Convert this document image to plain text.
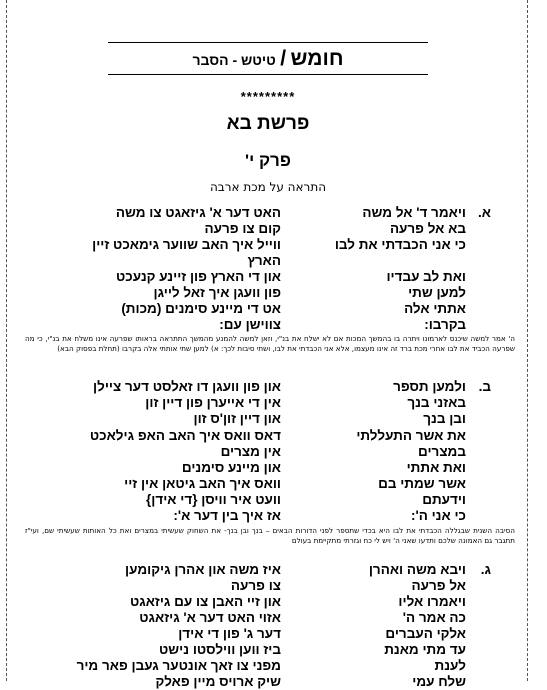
חומש / טיטש - הסבר
*********
פרשת בא
פרק י'
התראה על מכת ארבה
א.
ויאמר ד' אל משה
האט דער א' גיזאגט צו משה
בא אל פרעה
קום צו פרעה
כי אני הכבדתי את לבו
ווייל איך האב שווער גימאכט זיין
הארץ
ואת לב עבדיו
און די הארץ פון זיינע קנעכט
למען שתי
פון וועגן איך זאל לייגן
אתתי אלה
אט די מיינע סימנים (מכות)
בקרבו:
צווישן עם:
ב.
ולמען תספר
און פון וועגן דו זאלסט דער ציילן
באזני בנך
אין די אייערן פון דיין זון
ובן בנך
און דיין זון'ס זון
את אשר התעללתי
דאס וואס איך האב האפ גילאכט
במצרים
אין מצרים
ואת אתתי
און מיינע סימנים
אשר שמתי בם
וואס איך האב גיטאן אין זיי
וידעתם
וועט איר וויסן {די אידן}
כי אני ה':
אז איך בין דער א':
ג.
ויבא משה ואהרן
איז משה און אהרן גיקומען
אל פרעה
צו פרעה
ויאמרו אליו
און זיי האבן צו עם גיזאגט
כה אמר ה'
אזוי האט דער א' גיזאגט
אלקי העברים
דער ג' פון די אידן
עד מתי מאנת
ביז ווען ווילסטו נישט
לענת
מפני צו זאך אונטער געבן פאר מיר
שלח עמי
שיק ארויס מיין פאלק
ה' אמר למשה שיכנס לארמונו ויתרה בו בהמשך המכות אם לא ישלח את בנ"י, וזאן למשה להמנע מהמשך התתראה בראותו שפרעה אינו משלח את בנ"י, כי מה שפרעה הכביד את לבו אחרי מכת ברד זה אינו מעצמו, אלא אני הכבדתי את לבו, ושתי סיבות לכך: א) למען שתי אותתי אלה בקרבו (תחלת בפסוק הבא)
הסיבה השנית שבגללה הכבדתי את לבו היא בכדי שתספר לפני הדורות הבאים – בנך ובן בנך- את השחוק שעשיתי במצרים ואת כל האותות שעשיתי שם, ועי"ז תתגבר גם האמונה שלכם ותדעו שאני ה' ויש לי כח וגזרתי מתקיימת בעולם
